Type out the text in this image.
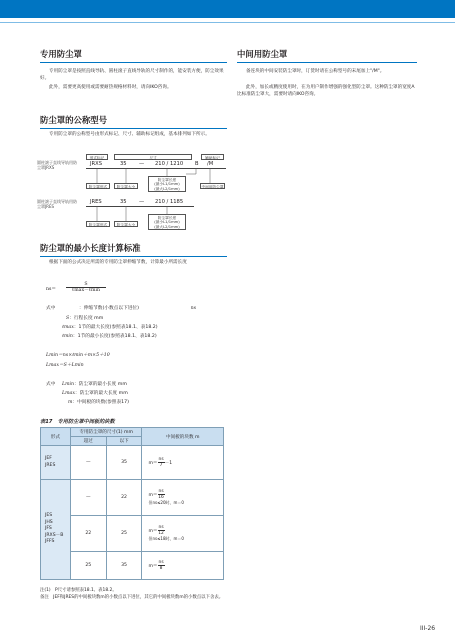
专用防尘罩
专用防尘罩是按照直线导轨、圆柱滚子直线导轨的尺寸制作的，能安装方便，防尘效果好。
此外，需要更高使用或需要耐热规格材料时，请向IKO咨询。
中间用防尘罩
备连块的中间安装防尘罩时，订货时请在公称型号的末尾加上"/M"。
此外，加长或精度使用时，在为用户制作增强的强化型防尘罩。这种防尘罩的宽度A比标准防尘罩大，需要时请向IKO咨询。
防尘罩的公称型号
专用防尘罩的公称型号由形式标记、尺寸、辅助标记组成，基本排列如下所示。
形式标记	尺寸	辅助标记
圆柱滚子直线导轨用防尘罩JRXS
JRXS	35 — 210 / 1210 B /M
防尘罩形式	防尘罩大小
防尘罩长度
(最小L1/1mm)
(最大L2/1mm)
中间用防尘罩
圆柱滚子直线导轨用防尘罩JRES
JRES	35 — 210 / 1185
防尘罩形式	防尘罩大小
防尘罩长度
(最小L1/1mm)
(最大L2/1mm)
防尘罩的最小长度计算标准
根据下面的公式决定所需的专用防尘罩伸缩节数，计算最小所需长度
ns＝
S
ℓmax－ℓmin
式中	ns
：伸缩节数(小数点以下进位)
S：行程长度 mm
ℓmax：1节的最大长度(参照表18.1、表18.2)
ℓmin：1节的最小长度(参照表18.1、表18.2)
Lmin＝ns×ℓmin＋m×5＋10
Lmax＝S＋Lmin
式中 Lmin：防尘罩的最小长度 mm
Lmax：防尘罩的最大长度 mm
m：中间板的块数(参照表17)
表17　专用防尘罩中间板的块数
形式	专用防尘罩的尺寸(1) mm		中间板的块数 m
	超过	以下	
JEF
JRES	—	35	$m= \frac{ns}{7} -1$
JES
JHS
JFS
JRXS－B
JFFS	—	22	$m= \frac{ns}{16}$

但ns≤20时、m＝0
	22	25	$m= \frac{ns}{12}$

但ns≤18时、m＝0
	25	35	$m= \frac{ns}{8}$
注(1)　P尺寸请参照表18.1、表18.2。
备注　JEF和JRES的中间板块数m的小数点以下进位，其它的中间板块数m的小数点以下舍去。
III-26
